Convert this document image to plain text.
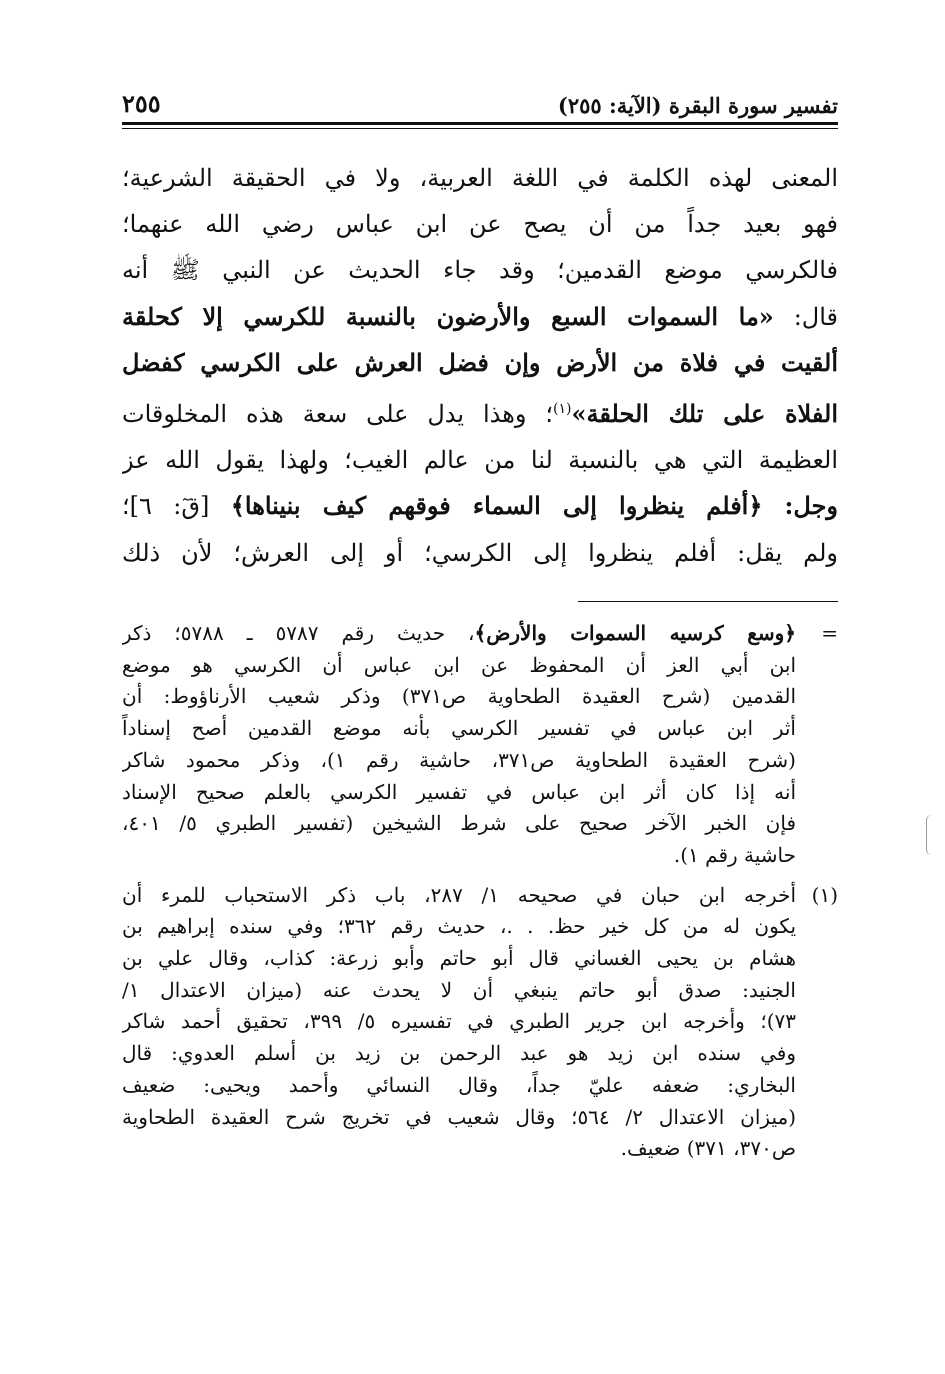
تفسير سورة البقرة (الآية: ٢٥٥)
٢٥٥
المعنى لهذه الكلمة في اللغة العربية، ولا في الحقيقة الشرعية؛
فهو بعيد جداً من أن يصح عن ابن عباس رضي الله عنهما؛
فالكرسي موضع القدمين؛ وقد جاء الحديث عن النبي ﷺ أنه
قال: «ما السموات السبع والأرضون بالنسبة للكرسي إلا كحلقة
ألقيت في فلاة من الأرض وإن فضل العرش على الكرسي كفضل
الفلاة على تلك الحلقة»$^{(١)}$؛ وهذا يدل على سعة هذه المخلوقات
العظيمة التي هي بالنسبة لنا من عالم الغيب؛ ولهذا يقول الله عز
وجل: ﴿أفلم ينظروا إلى السماء فوقهم كيف بنيناها﴾ [قٓ: ٦]؛
ولم يقل: أفلم ينظروا إلى الكرسي؛ أو إلى العرش؛ لأن ذلك
=
﴿وسع كرسيه السموات والأرض﴾، حديث رقم ٥٧٨٧ ـ ٥٧٨٨؛ ذكر
ابن أبي العز أن المحفوظ عن ابن عباس أن الكرسي هو موضع
القدمين (شرح العقيدة الطحاوية ص٣٧١) وذكر شعيب الأرناؤوط: أن
أثر ابن عباس في تفسير الكرسي بأنه موضع القدمين أصح إسناداً
(شرح العقيدة الطحاوية ص٣٧١، حاشية رقم ١)، وذكر محمود شاكر
أنه إذا كان أثر ابن عباس في تفسير الكرسي بالعلم صحيح الإسناد
فإن الخبر الآخر صحيح على شرط الشيخين (تفسير الطبري ٥/ ٤٠١،
حاشية رقم ١).
(١)
أخرجه ابن حبان في صحيحه ١/ ٢٨٧، باب ذكر الاستحباب للمرء أن
يكون له من كل خير حظ. . .، حديث رقم ٣٦٢؛ وفي سنده إبراهيم بن
هشام بن يحيى الغساني قال أبو حاتم وأبو زرعة: كذاب، وقال علي بن
الجنيد: صدق أبو حاتم ينبغي أن لا يحدث عنه (ميزان الاعتدال ١/
٧٣)؛ وأخرجه ابن جرير الطبري في تفسيره ٥/ ٣٩٩، تحقيق أحمد شاكر
وفي سنده ابن زيد هو عبد الرحمن بن زيد بن أسلم العدوي: قال
البخاري: ضعفه عليّ جداً، وقال النسائي وأحمد ويحيى: ضعيف
(ميزان الاعتدال ٢/ ٥٦٤؛ وقال شعيب في تخريج شرح العقيدة الطحاوية
ص٣٧٠، ٣٧١) ضعيف.
